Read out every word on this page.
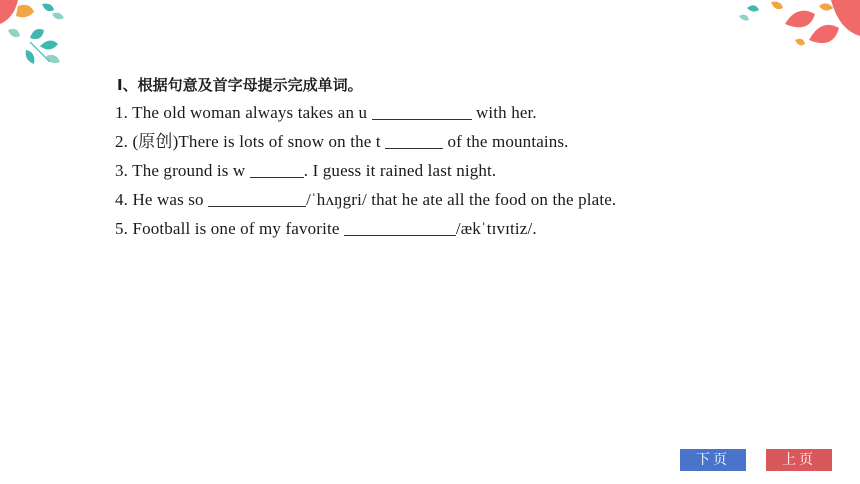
Ⅰ、根据句意及首字母提示完成单词。
1. The old woman always takes an u	with her.
2. (原创)There is lots of snow on the t	of the mountains.
3. The ground is w	. I guess it rained last night.
4. He was so	/ˈhʌŋgri/ that he ate all the food on the plate.
5. Football is one of my favorite	/ækˈtɪvɪtiz/.
下页	上页
